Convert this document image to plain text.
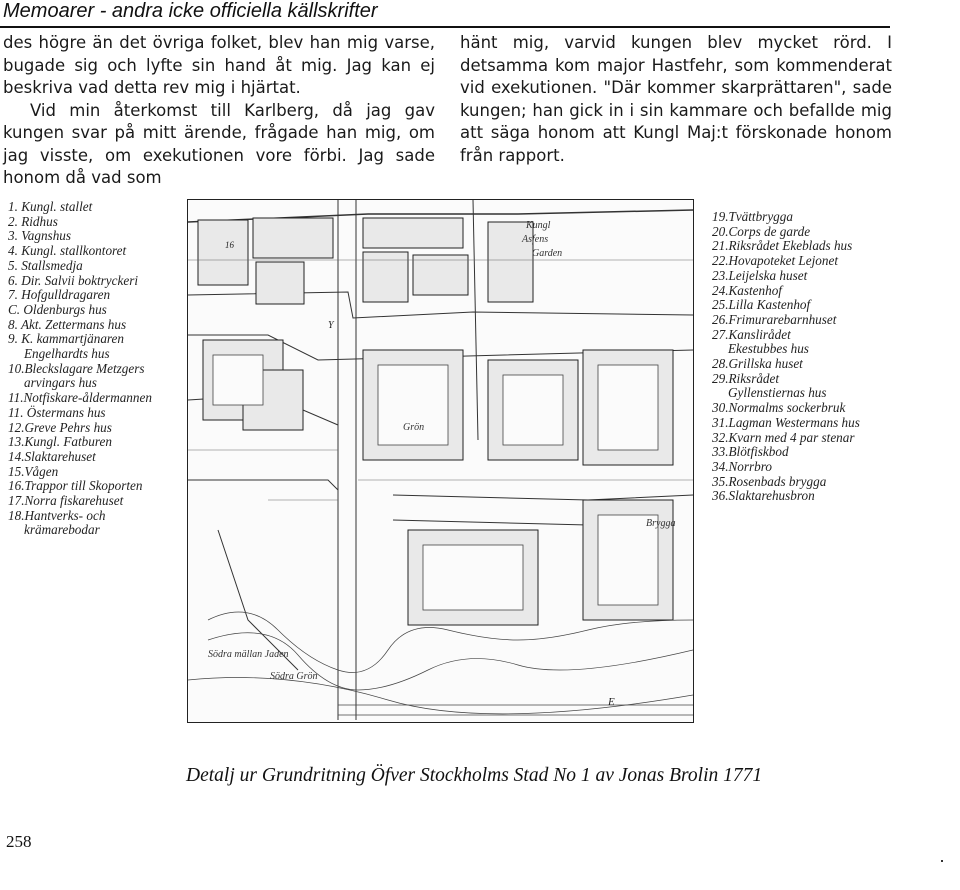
Memoarer - andra icke officiella källskrifter

des högre än det övriga folket, blev han mig varse, bugade sig och lyfte sin hand åt mig. Jag kan ej beskriva vad detta rev mig i hjärtat.

Vid min återkomst till Karlberg, då jag gav kungen svar på mitt ärende, frågade han mig, om jag visste, om exekutionen vore förbi. Jag sade honom då vad som

hänt mig, varvid kungen blev mycket rörd. I detsamma kom major Hastfehr, som kommenderat vid exekutionen. "Där kommer skarprättaren", sade kungen; han gick in i sin kammare och befallde mig att säga honom att Kungl Maj:t förskonade honom från rapport.

1. Kungl. stallet
2. Ridhus
3. Vagnshus
4. Kungl. stallkontoret
5. Stallsmedja
6. Dir. Salvii boktryckeri
7. Hofgulldragaren
C. Oldenburgs hus
8. Akt. Zettermans hus
9. K. kammartjänaren
Engelhardts hus
10.Bleckslagare Metzgers
arvingars hus
11.Notfiskare-åldermannen
11. Östermans hus
12.Greve Pehrs hus
13.Kungl. Fatburen
14.Slaktarehuset
15.Vågen
16.Trappor till Skoporten
17.Norra fiskarehuset
18.Hantverks- och
krämarebodar
19.Tvättbrygga
20.Corps de garde
21.Riksrådet Ekeblads hus
22.Hovapoteket Lejonet
23.Leijelska huset
24.Kastenhof
25.Lilla Kastenhof
26.Frimurarebarnhuset
27.Kanslirådet
Ekestubbes hus
28.Grillska huset
29.Riksrådet
Gyllenstiernas hus
30.Normalms sockerbruk
31.Lagman Westermans hus
32.Kvarn med 4 par stenar
33.Blötfiskbod
34.Norrbro
35.Rosenbads brygga
36.Slaktarehusbron
Y
E
16
Kungl
Asfens
Garden
Grön
Södra Grön
Södra mällan Jaden
Brygga
Detalj ur Grundritning Öfver Stockholms Stad No 1 av Jonas Brolin 1771
258
